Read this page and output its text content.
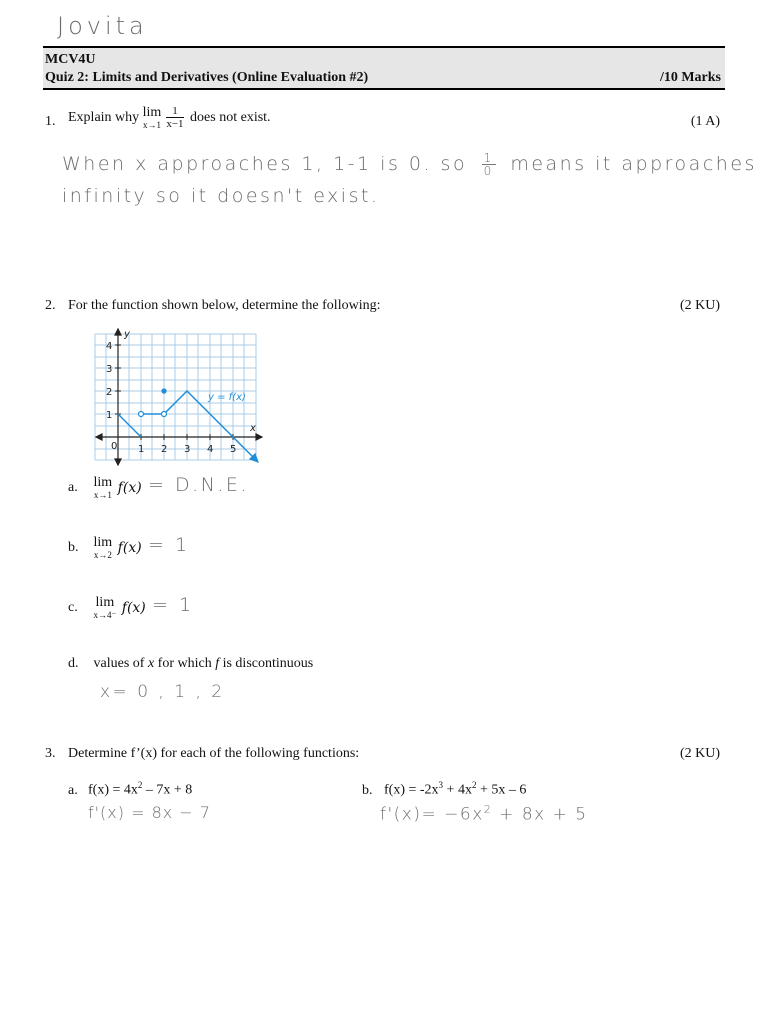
Jovita
MCV4U
Quiz 2: Limits and Derivatives (Online Evaluation #2)	/10 Marks
1. Explain why lim
$x\to 1 \frac{1}{x-1}$ does not exist.	(1 A)
When x approaches 1, 1-1 is 0. so $\frac{1}{0}$ means it approaches
infinity so it doesn't exist.
2. For the function shown below, determine the following:	(2 KU)
0 1 2 3 4 5
1
2
3
4
y
x
y = f(x)
a. lim
x→1 f(x) = D.N.E.
b. lim
x→2 f(x) = 1
c. lim
x→4⁻ f(x) = 1
d. values of x for which f is discontinuous
x= 0 , 1 , 2
3. Determine f’(x) for each of the following functions:	(2 KU)
a. $f(x) = 4x^2 - 7x + 8$
f'(x) = 8x − 7
b. $f(x) = -2x^3 + 4x^2 + 5x - 6$
$f'(x)= -6x^2 + 8x + 5$
